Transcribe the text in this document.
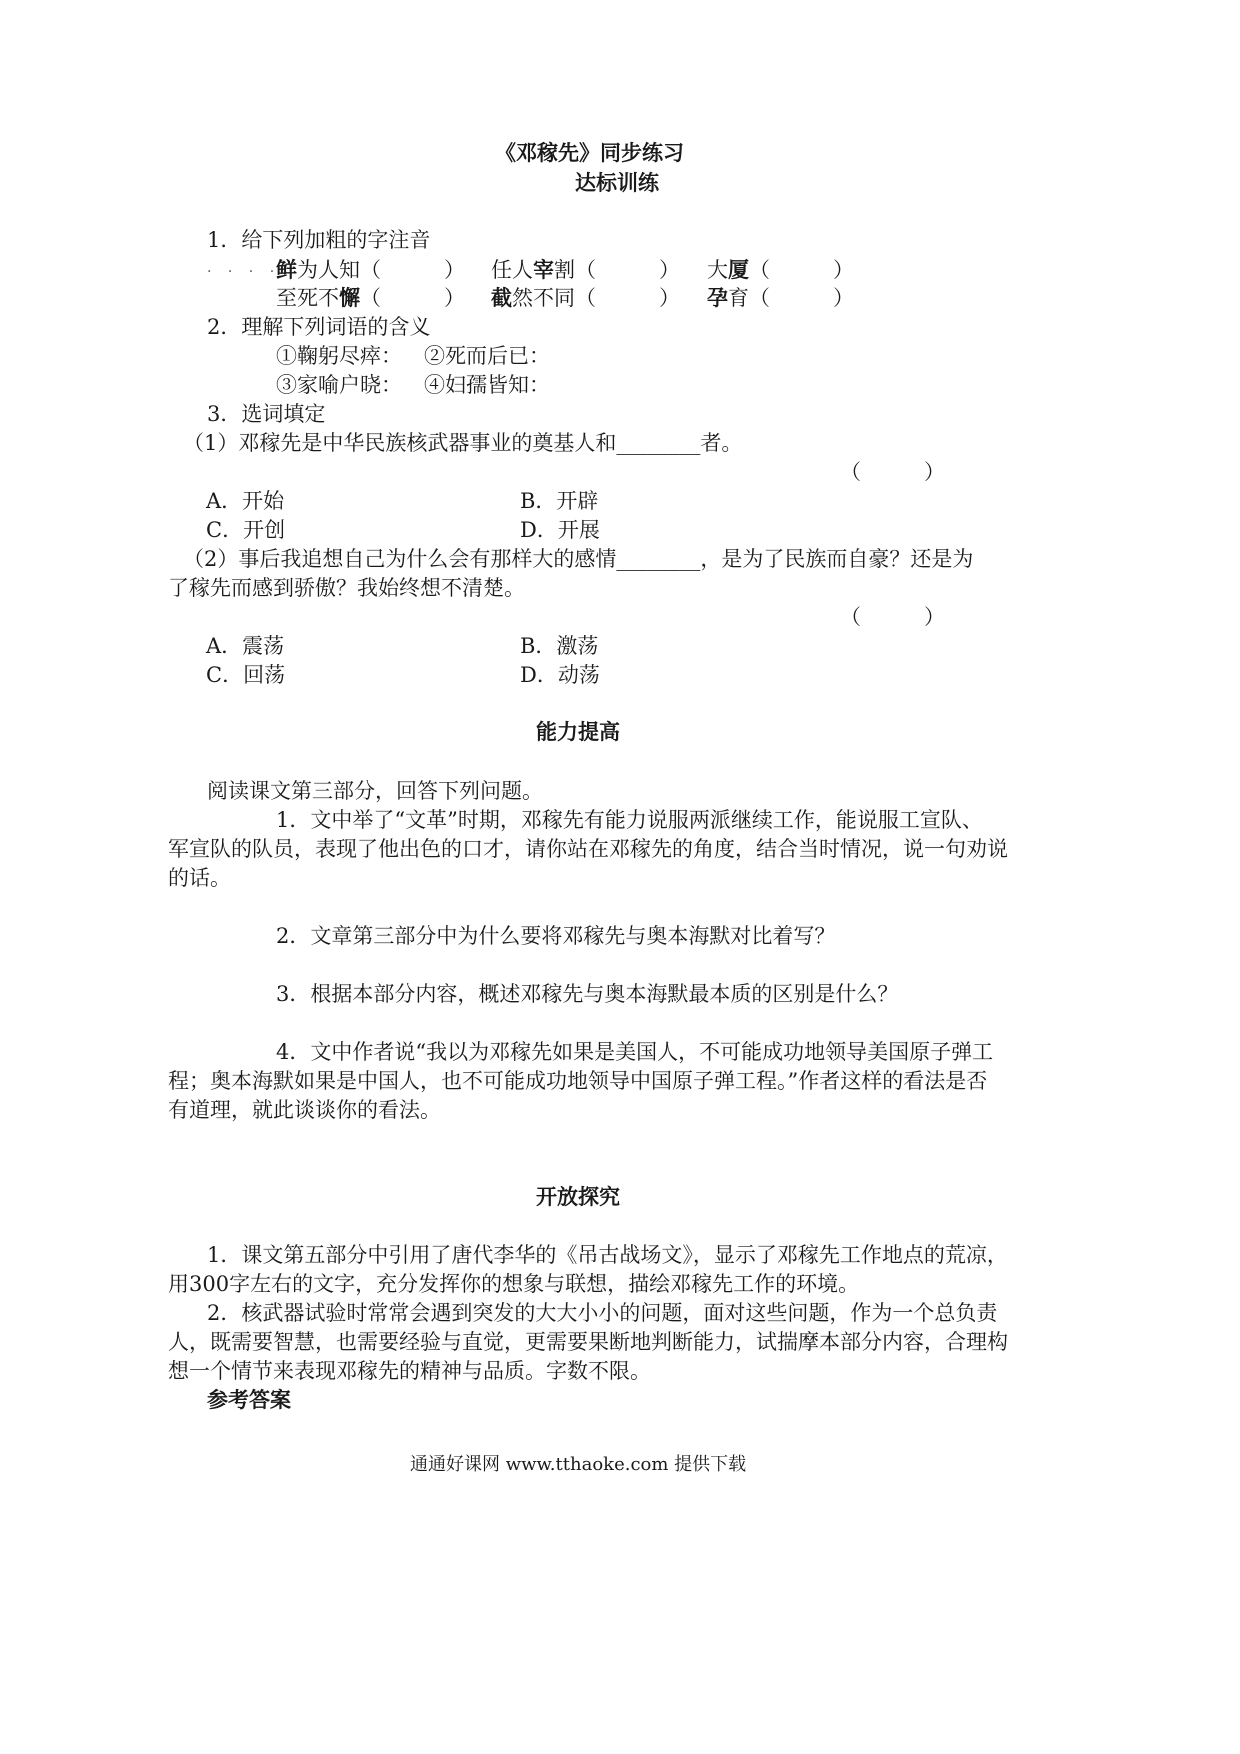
《邓稼先》同步练习
达标训练
1．给下列加粗的字注音
. . . .
鲜为人知（　　　） 任人宰割（　　　） 大厦（　　　）
至死不懈（　　　） 截然不同（　　　） 孕育（　　　）
2．理解下列词语的含义
①鞠躬尽瘁： ②死而后已：
③家喻户晓： ④妇孺皆知：
3．选词填定
（1）邓稼先是中华民族核武器事业的奠基人和________者。
（　　　）
A．开始	B．开辟
C．开创	D．开展
（2）事后我追想自己为什么会有那样大的感情________，是为了民族而自豪？还是为
了稼先而感到骄傲？我始终想不清楚。
（　　　）
A．震荡	B．激荡
C．回荡	D．动荡
能力提高
阅读课文第三部分，回答下列问题。
1．文中举了“文革”时期，邓稼先有能力说服两派继续工作，能说服工宣队、
军宣队的队员，表现了他出色的口才，请你站在邓稼先的角度，结合当时情况，说一句劝说
的话。
2．文章第三部分中为什么要将邓稼先与奥本海默对比着写？
3．根据本部分内容，概述邓稼先与奥本海默最本质的区别是什么？
4．文中作者说“我以为邓稼先如果是美国人，不可能成功地领导美国原子弹工
程；奥本海默如果是中国人，也不可能成功地领导中国原子弹工程。”作者这样的看法是否
有道理，就此谈谈你的看法。
开放探究
1．课文第五部分中引用了唐代李华的《吊古战场文》，显示了邓稼先工作地点的荒凉，
用300字左右的文字，充分发挥你的想象与联想，描绘邓稼先工作的环境。
2．核武器试验时常常会遇到突发的大大小小的问题，面对这些问题，作为一个总负责
人，既需要智慧，也需要经验与直觉，更需要果断地判断能力，试揣摩本部分内容，合理构
想一个情节来表现邓稼先的精神与品质。字数不限。
参考答案
通通好课网 www.tthaoke.com 提供下载
